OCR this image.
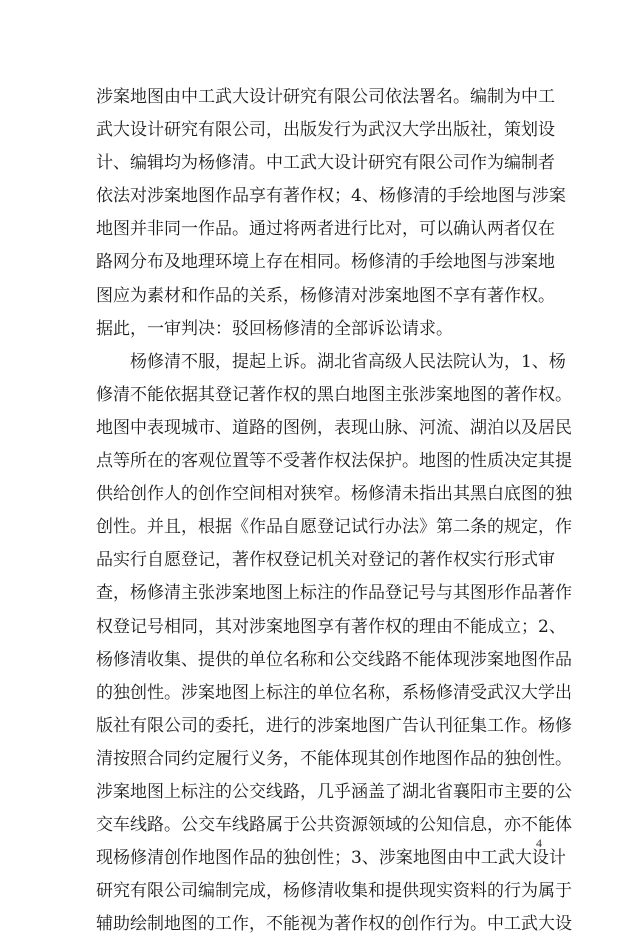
涉案地图由中工武大设计研究有限公司依法署名。编制为中工
武大设计研究有限公司，出版发行为武汉大学出版社，策划设
计、编辑均为杨修清。中工武大设计研究有限公司作为编制者
依法对涉案地图作品享有著作权；4、杨修清的手绘地图与涉案
地图并非同一作品。通过将两者进行比对，可以确认两者仅在
路网分布及地理环境上存在相同。杨修清的手绘地图与涉案地
图应为素材和作品的关系，杨修清对涉案地图不享有著作权。
据此，一审判决：驳回杨修清的全部诉讼请求。
杨修清不服，提起上诉。湖北省高级人民法院认为，1、杨
修清不能依据其登记著作权的黑白地图主张涉案地图的著作权。
地图中表现城市、道路的图例，表现山脉、河流、湖泊以及居民
点等所在的客观位置等不受著作权法保护。地图的性质决定其提
供给创作人的创作空间相对狭窄。杨修清未指出其黑白底图的独
创性。并且，根据《作品自愿登记试行办法》第二条的规定，作
品实行自愿登记，著作权登记机关对登记的著作权实行形式审
查，杨修清主张涉案地图上标注的作品登记号与其图形作品著作
权登记号相同，其对涉案地图享有著作权的理由不能成立；2、
杨修清收集、提供的单位名称和公交线路不能体现涉案地图作品
的独创性。涉案地图上标注的单位名称，系杨修清受武汉大学出
版社有限公司的委托，进行的涉案地图广告认刊征集工作。杨修
清按照合同约定履行义务，不能体现其创作地图作品的独创性。
涉案地图上标注的公交线路，几乎涵盖了湖北省襄阳市主要的公
交车线路。公交车线路属于公共资源领域的公知信息，亦不能体
现杨修清创作地图作品的独创性；3、涉案地图由中工武大设计
研究有限公司编制完成，杨修清收集和提供现实资料的行为属于
辅助绘制地图的工作，不能视为著作权的创作行为。中工武大设
4
